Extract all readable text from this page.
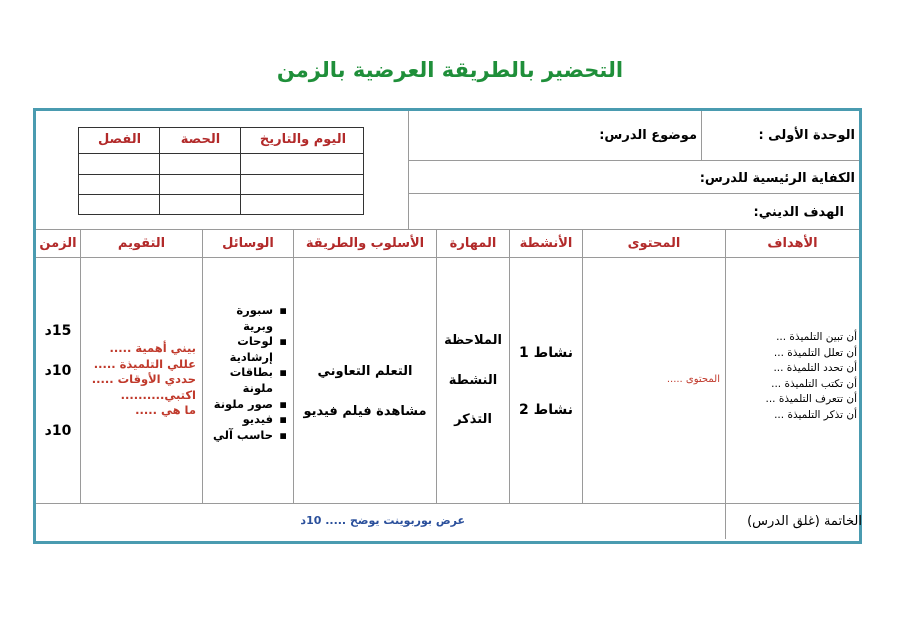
التحضير بالطريقة العرضية بالزمن
الوحدة الأولى :
موضوع الدرس:
الكفاية الرئيسية للدرس:
الهدف الديني:
اليوم والتاريخ
الحصة
الفصل
الأهداف
المحتوى
الأنشطة
المهارة
الأسلوب والطريقة
الوسائل
التقويم
الزمن
أن تبين التلميذة ...
أن تعلل التلميذة ...
أن تحدد التلميذة ...
أن تكتب التلميذة ...
أن تتعرف التلميذة ...
أن تذكر التلميذة ...
المحتوى .....
نشاط 1
نشاط 2
الملاحظة
النشطة
التذكر
التعلم التعاوني
مشاهدة فيلم فيديو
▪سبورة
وبرية
▪لوحات
إرشادية
▪بطاقات
ملونة
▪صور ملونة
▪فيديو
▪حاسب آلي
بيني أهمية .....
عللي التلميذة .....
حددي الأوقات .....
اكتبي..........
ما هي .....
15د
10د
10د
الخاتمة (غلق الدرس)
عرض بوربوينت يوضح ..... 10د
